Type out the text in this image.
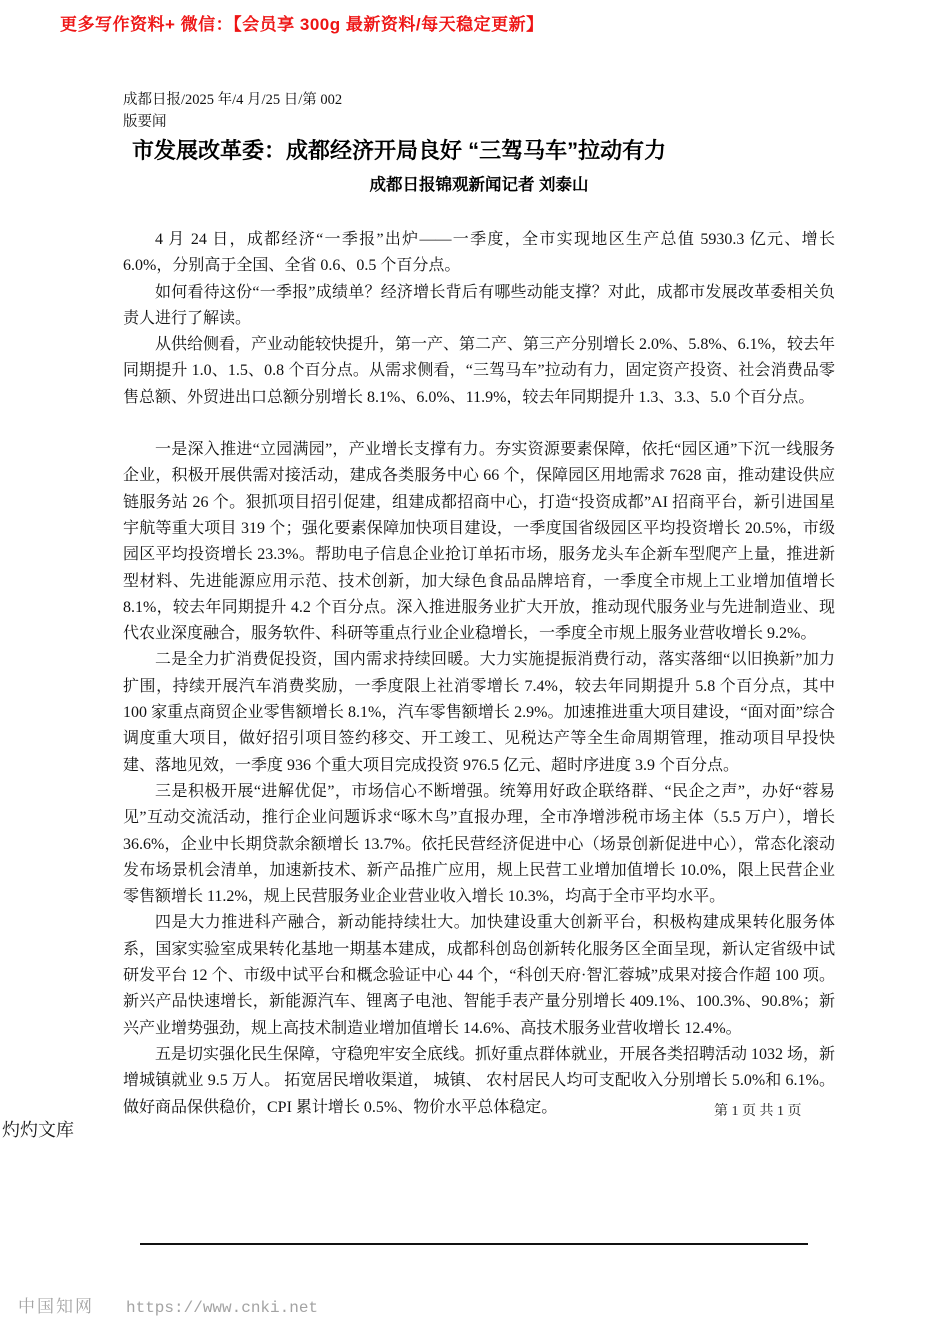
更多写作资料+ 微信：【会员享 300g 最新资料/每天稳定更新】
成都日报/2025 年/4 月/25 日/第 002
版要闻
市发展改革委：成都经济开局良好 “三驾马车”拉动有力
成都日报锦观新闻记者 刘泰山

4 月 24 日，成都经济“一季报”出炉——一季度，全市实现地区生产总值 5930.3 亿元、增长 6.0%，分别高于全国、全省 0.6、0.5 个百分点。

如何看待这份“一季报”成绩单？经济增长背后有哪些动能支撑？对此，成都市发展改革委相关负责人进行了解读。

从供给侧看，产业动能较快提升，第一产、第二产、第三产分别增长 2.0%、5.8%、6.1%，较去年同期提升 1.0、1.5、0.8 个百分点。从需求侧看，“三驾马车”拉动有力，固定资产投资、社会消费品零售总额、外贸进出口总额分别增长 8.1%、6.0%、11.9%，较去年同期提升 1.3、3.3、5.0 个百分点。

一是深入推进“立园满园”，产业增长支撑有力。夯实资源要素保障，依托“园区通”下沉一线服务企业，积极开展供需对接活动，建成各类服务中心 66 个，保障园区用地需求 7628 亩，推动建设供应链服务站 26 个。狠抓项目招引促建，组建成都招商中心，打造“投资成都”AI 招商平台，新引进国星宇航等重大项目 319 个；强化要素保障加快项目建设，一季度国省级园区平均投资增长 20.5%，市级园区平均投资增长 23.3%。帮助电子信息企业抢订单拓市场，服务龙头车企新车型爬产上量，推进新型材料、先进能源应用示范、技术创新，加大绿色食品品牌培育，一季度全市规上工业增加值增长 8.1%，较去年同期提升 4.2 个百分点。深入推进服务业扩大开放，推动现代服务业与先进制造业、现代农业深度融合，服务软件、科研等重点行业企业稳增长，一季度全市规上服务业营收增长 9.2%。

二是全力扩消费促投资，国内需求持续回暖。大力实施提振消费行动，落实落细“以旧换新”加力扩围，持续开展汽车消费奖励，一季度限上社消零增长 7.4%，较去年同期提升 5.8 个百分点，其中 100 家重点商贸企业零售额增长 8.1%，汽车零售额增长 2.9%。加速推进重大项目建设，“面对面”综合调度重大项目，做好招引项目签约移交、开工竣工、见税达产等全生命周期管理，推动项目早投快建、落地见效，一季度 936 个重大项目完成投资 976.5 亿元、超时序进度 3.9 个百分点。

三是积极开展“进解优促”，市场信心不断增强。统筹用好政企联络群、“民企之声”，办好“蓉易见”互动交流活动，推行企业问题诉求“啄木鸟”直报办理，全市净增涉税市场主体（5.5 万户），增长 36.6%，企业中长期贷款余额增长 13.7%。依托民营经济促进中心（场景创新促进中心），常态化滚动发布场景机会清单，加速新技术、新产品推广应用，规上民营工业增加值增长 10.0%，限上民营企业零售额增长 11.2%，规上民营服务业企业营业收入增长 10.3%，均高于全市平均水平。

四是大力推进科产融合，新动能持续壮大。加快建设重大创新平台，积极构建成果转化服务体系，国家实验室成果转化基地一期基本建成，成都科创岛创新转化服务区全面呈现，新认定省级中试研发平台 12 个、市级中试平台和概念验证中心 44 个，“科创天府·智汇蓉城”成果对接合作超 100 项。新兴产品快速增长，新能源汽车、锂离子电池、智能手表产量分别增长 409.1%、100.3%、90.8%；新兴产业增势强劲，规上高技术制造业增加值增长 14.6%、高技术服务业营收增长 12.4%。

五是切实强化民生保障，守稳兜牢安全底线。抓好重点群体就业，开展各类招聘活动 1032 场，新增城镇就业 9.5 万人。 拓宽居民增收渠道， 城镇、 农村居民人均可支配收入分别增长 5.0%和 6.1%。做好商品保供稳价，CPI 累计增长 0.5%、物价水平总体稳定。	第 1 页 共 1 页
灼灼文库
中国知网 https://www.cnki.net
